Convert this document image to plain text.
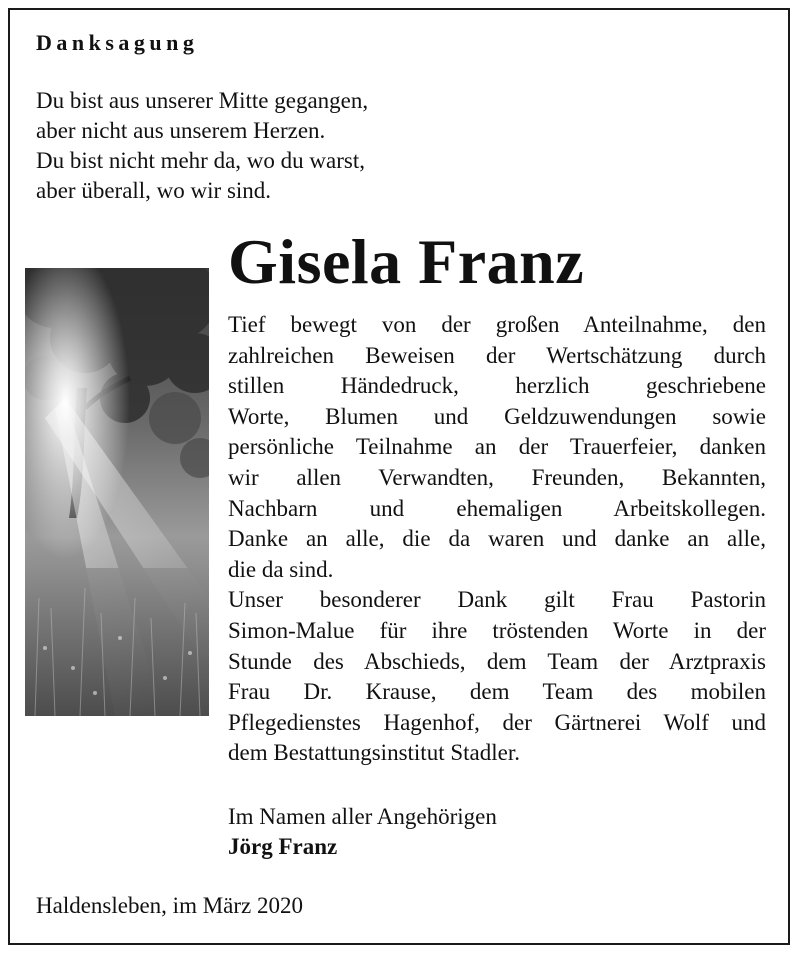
Danksagung
Du bist aus unserer Mitte gegangen,
aber nicht aus unserem Herzen.
Du bist nicht mehr da, wo du warst,
aber überall, wo wir sind.
Gisela Franz
Tief bewegt von der großen Anteilnahme, den
zahlreichen Beweisen der Wertschätzung durch
stillen Händedruck, herzlich geschriebene
Worte, Blumen und Geldzuwendungen sowie
persönliche Teilnahme an der Trauerfeier, danken
wir allen Verwandten, Freunden, Bekannten,
Nachbarn und ehemaligen Arbeitskollegen.
Danke an alle, die da waren und danke an alle,
die da sind.
Unser besonderer Dank gilt Frau Pastorin
Simon-Malue für ihre tröstenden Worte in der
Stunde des Abschieds, dem Team der Arztpraxis
Frau Dr. Krause, dem Team des mobilen
Pflegedienstes Hagenhof, der Gärtnerei Wolf und
dem Bestattungsinstitut Stadler.
Im Namen aller Angehörigen
Jörg Franz
Haldensleben, im März 2020
